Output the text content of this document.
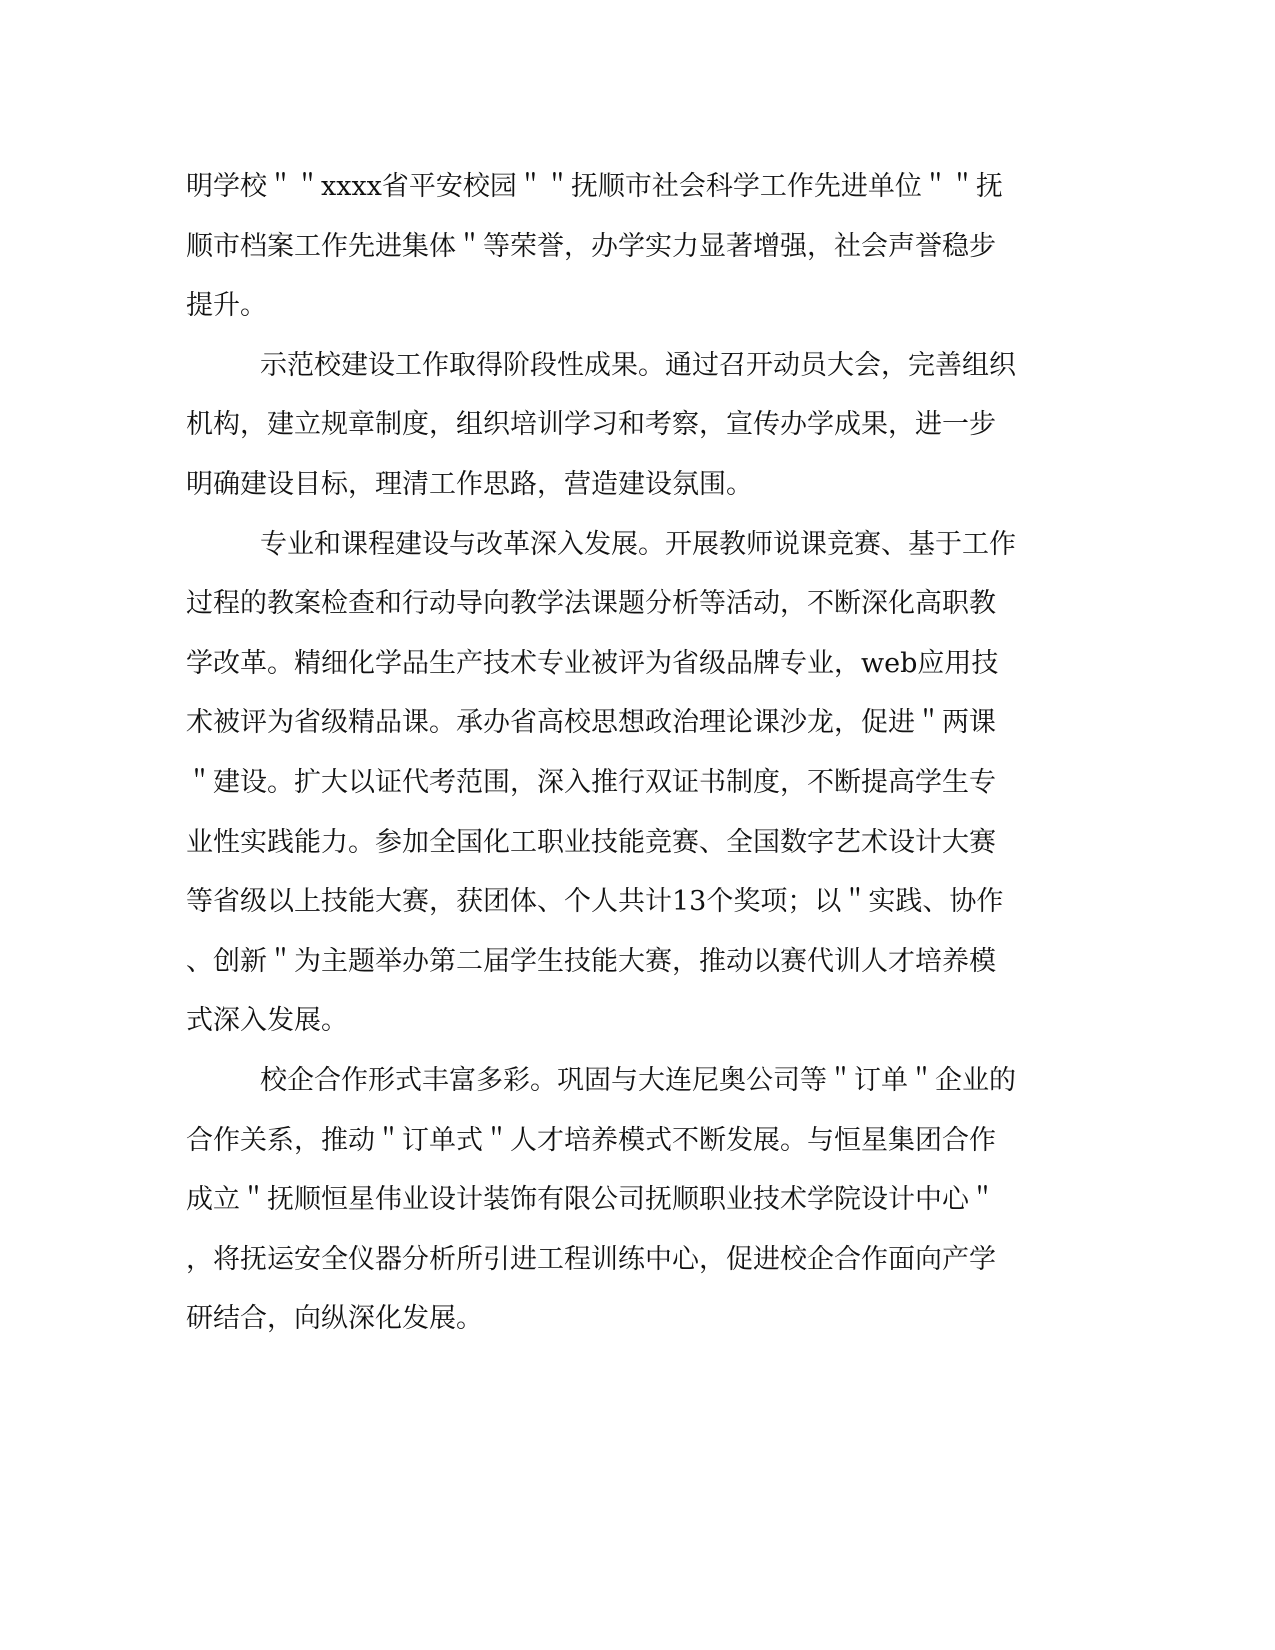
明学校＂＂xxxx省平安校园＂＂抚顺市社会科学工作先进单位＂＂抚
顺市档案工作先进集体＂等荣誉，办学实力显著增强，社会声誉稳步
提升。
示范校建设工作取得阶段性成果。通过召开动员大会，完善组织
机构，建立规章制度，组织培训学习和考察，宣传办学成果，进一步
明确建设目标，理清工作思路，营造建设氛围。
专业和课程建设与改革深入发展。开展教师说课竞赛、基于工作
过程的教案检查和行动导向教学法课题分析等活动，不断深化高职教
学改革。精细化学品生产技术专业被评为省级品牌专业，web应用技
术被评为省级精品课。承办省高校思想政治理论课沙龙，促进＂两课
＂建设。扩大以证代考范围，深入推行双证书制度，不断提高学生专
业性实践能力。参加全国化工职业技能竞赛、全国数字艺术设计大赛
等省级以上技能大赛，获团体、个人共计13个奖项；以＂实践、协作
、创新＂为主题举办第二届学生技能大赛，推动以赛代训人才培养模
式深入发展。
校企合作形式丰富多彩。巩固与大连尼奥公司等＂订单＂企业的
合作关系，推动＂订单式＂人才培养模式不断发展。与恒星集团合作
成立＂抚顺恒星伟业设计装饰有限公司抚顺职业技术学院设计中心＂
，将抚运安全仪器分析所引进工程训练中心，促进校企合作面向产学
研结合，向纵深化发展。
